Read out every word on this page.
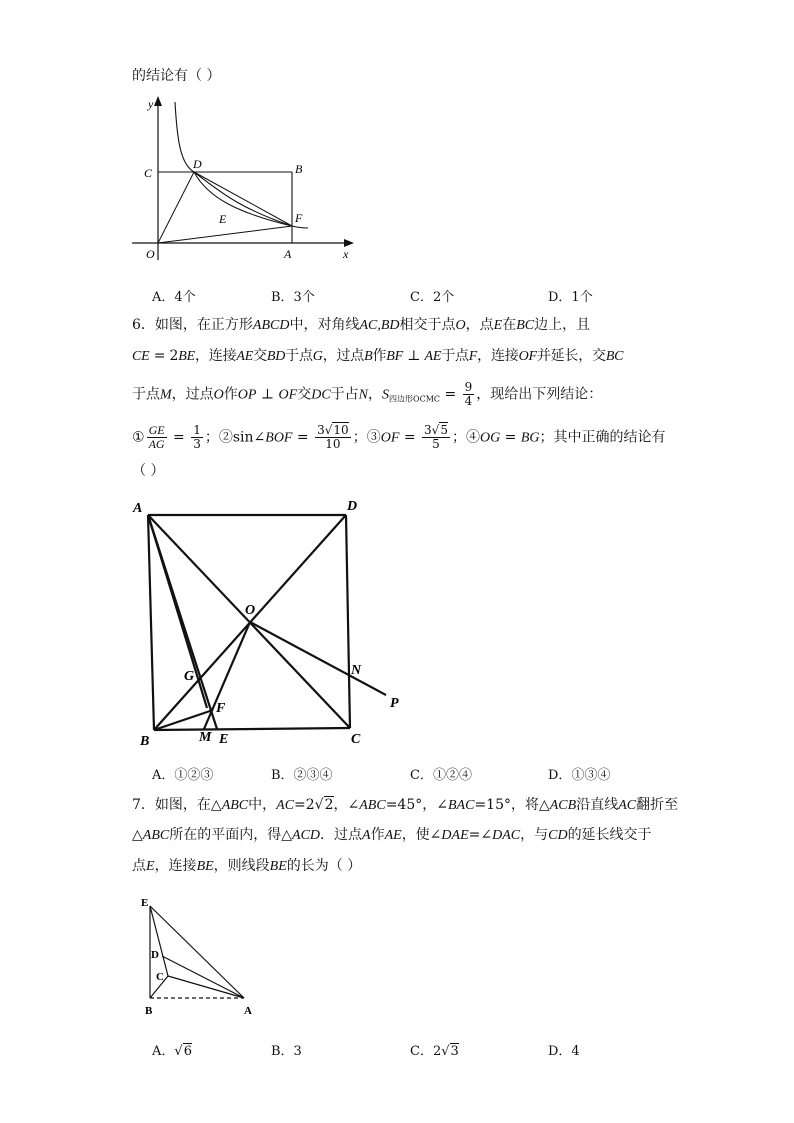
的结论有（ ）
y
C
D	B
E	F
O	A	x
A．4个	B．3个	C．2个	D．1个
6．如图，在正方形ABCD中，对角线AC,BD相交于点O，点E在BC边上，且
CE = 2BE，连接AE交BD于点G，过点B作BF ⊥ AE于点F，连接OF并延长，交BC
于点M，过点O作OP ⊥ OF交DC于占N，$S_{四边形OCMC} = \frac{9}{4}$ ，现给出下列结论：
① $\frac{GE}{AG} = \frac{1}{3}$ ；②sin∠BOF = $\frac{3√10}{10}$ ；③OF = $\frac{3√5}{5}$ ；④OG = BG；其中正确的结论有
（ ）
A	D
O
G
F
N
P
B	M E	C
A．①②③	B．②③④	C．①②④	D．①③④
7．如图，在△ABC中，AC=2√2，∠ABC=45°，∠BAC=15°，将△ACB沿直线AC翻折至
△ABC所在的平面内，得△ACD．过点A作AE，使∠DAE=∠DAC，与CD的延长线交于
点E，连接BE，则线段BE的长为（ ）
E
D
C
B	A
A．√6	B．3	C．2√3	D．4
